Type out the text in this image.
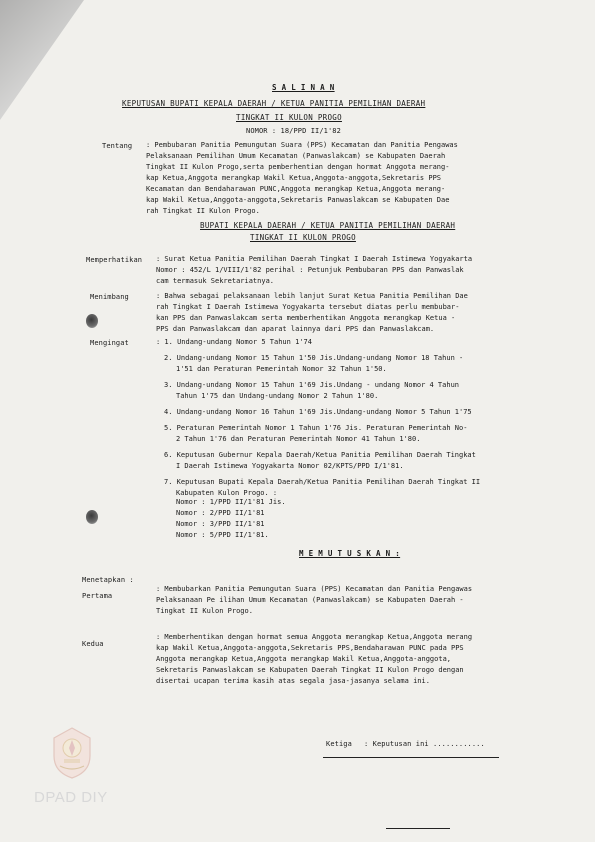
S A L I N A N
KEPUTUSAN BUPATI KEPALA DAERAH / KETUA PANITIA PEMILIHAN DAERAH
TINGKAT II KULON PROGO
NOMOR : 18/PPD II/1'82
Tentang : Pembubaran Panitia Pemungutan Suara (PPS) Kecamatan dan Panitia Pengawas
Pelaksanaan Pemilihan Umum Kecamatan (Panwaslakcam) se Kabupaten Daerah
Tingkat II Kulon Progo,serta pemberhentian dengan hormat Anggota merang-
kap Ketua,Anggota merangkap Wakil Ketua,Anggota-anggota,Sekretaris PPS
Kecamatan dan Bendaharawan PUNC,Anggota merangkap Ketua,Anggota merang-
kap Wakil Ketua,Anggota-anggota,Sekretaris Panwaslakcam se Kabupaten Dae
rah Tingkat II Kulon Progo.
BUPATI KEPALA DAERAH / KETUA PANITIA PEMILIHAN DAERAH
TINGKAT II KULON PROGO
Memperhatikan : Surat Ketua Panitia Pemilihan Daerah Tingkat I Daerah Istimewa Yogyakarta
Nomor : 452/L 1/VIII/1'82 perihal : Petunjuk Pembubaran PPS dan Panwaslak
cam termasuk Sekretariatnya.
Menimbang	: Bahwa sebagai pelaksanaan lebih lanjut Surat Ketua Panitia Pemilihan Dae
rah Tingkat I Daerah Istimewa Yogyakarta tersebut diatas perlu membubar-
kan PPS dan Panwaslakcam serta memberhentikan Anggota merangkap Ketua -
PPS dan Panwaslakcam dan aparat lainnya dari PPS dan Panwaslakcam.
Mengingat	: 1. Undang-undang Nomor 5 Tahun 1'74
2. Undang-undang Nomor 15 Tahun 1'50 Jis.Undang-undang Nomor 18 Tahun -
1'51 dan Peraturan Pemerintah Nomor 32 Tahun 1'50.
3. Undang-undang Nomor 15 Tahun 1'69 Jis.Undang - undang Nomor 4 Tahun
Tahun 1'75 dan Undang-undang Nomor 2 Tahun 1'80.
4. Undang-undang Nomor 16 Tahun 1'69 Jis.Undang-undang Nomor 5 Tahun 1'75
5. Peraturan Pemerintah Nomor 1 Tahun 1'76 Jis. Peraturan Pemerintah No-
2 Tahun 1'76 dan Peraturan Pemerintah Nomor 41 Tahun 1'80.
6. Keputusan Gubernur Kepala Daerah/Ketua Panitia Pemilihan Daerah Tingkat
I Daerah Istimewa Yogyakarta Nomor 02/KPTS/PPD I/1'81.
7. Keputusan Bupati Kepala Daerah/Ketua Panitia Pemilihan Daerah Tingkat II
Kabupaten Kulon Progo. :
Nomor : 1/PPD II/1'81 Jis.
Nomor : 2/PPD II/1'81
Nomor : 3/PPD II/1'81
Nomor : 5/PPD II/1'81.
M E M U T U S K A N :
Menetapkan :
Pertama
: Membubarkan Panitia Pemungutan Suara (PPS) Kecamatan dan Panitia Pengawas
Pelaksanaan Pe ilihan Umum Kecamatan (Panwaslakcam) se Kabupaten Daerah -
Tingkat II Kulon Progo.
Kedua
: Memberhentikan dengan hormat semua Anggota merangkap Ketua,Anggota merang
kap Wakil Ketua,Anggota-anggota,Sekretaris PPS,Bendaharawan PUNC pada PPS
Anggota merangkap Ketua,Anggota merangkap Wakil Ketua,Anggota-anggota,
Sekretaris Panwaslakcam se Kabupaten Daerah Tingkat II Kulon Progo dengan
disertai ucapan terima kasih atas segala jasa-jasanya selama ini.
Ketiga : Keputusan ini ............
DPAD DIY
